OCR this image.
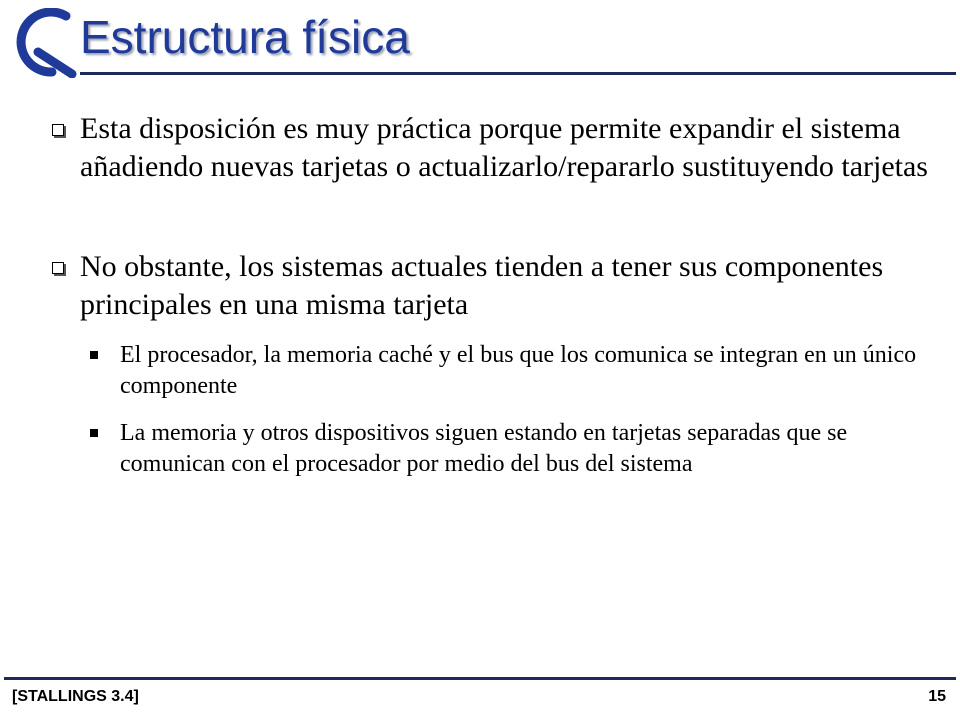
Estructura física
Esta disposición es muy práctica porque permite expandir el sistema añadiendo nuevas tarjetas o actualizarlo/repararlo sustituyendo tarjetas
No obstante, los sistemas actuales tienden a tener sus componentes principales en una misma tarjeta
El procesador, la memoria caché y el bus que los comunica se integran en un único componente
La memoria y otros dispositivos siguen estando en tarjetas separadas que se comunican con el procesador por medio del bus del sistema
[STALLINGS 3.4]	15
